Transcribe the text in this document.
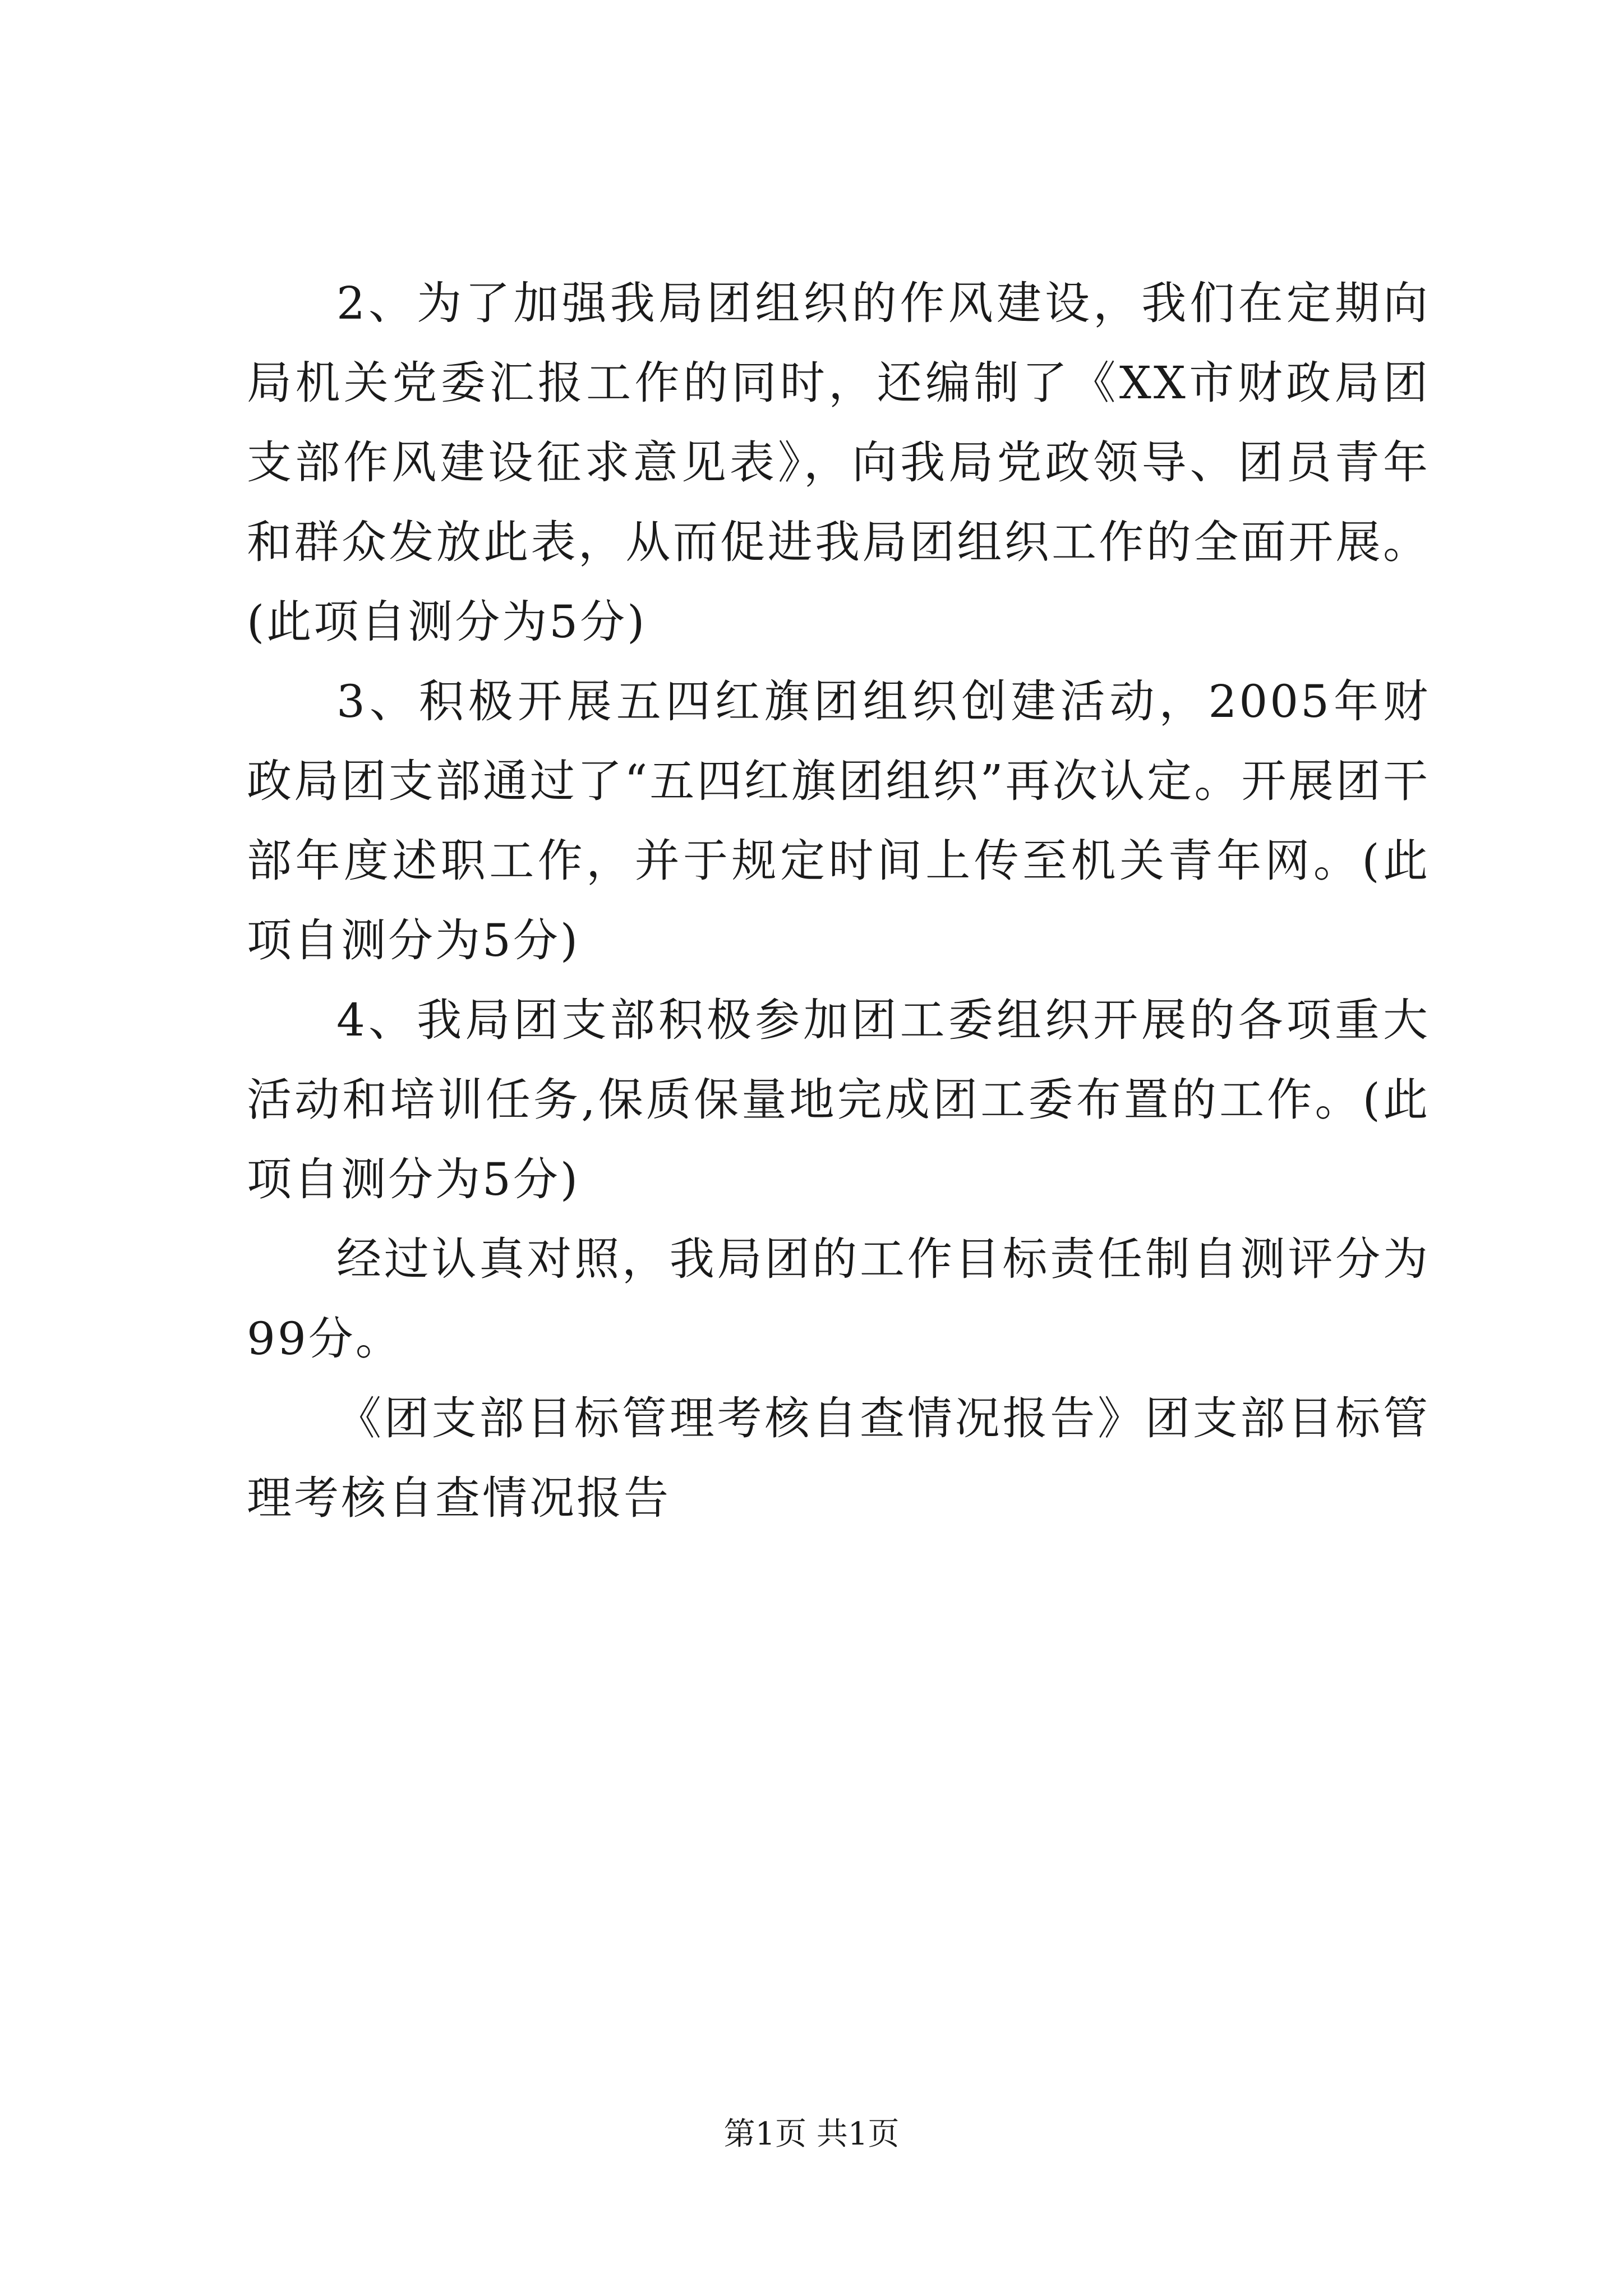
2、为了加强我局团组织的作风建设，我们在定期向局机关党委汇报工作的同时，还编制了《XX市财政局团支部作风建设征求意见表》，向我局党政领导、团员青年和群众发放此表，从而促进我局团组织工作的全面开展。(此项自测分为5分)

3、积极开展五四红旗团组织创建活动，2005年财政局团支部通过了“五四红旗团组织”再次认定。开展团干部年度述职工作，并于规定时间上传至机关青年网。(此项自测分为5分)

4、我局团支部积极参加团工委组织开展的各项重大活动和培训任务,保质保量地完成团工委布置的工作。(此项自测分为5分)

经过认真对照，我局团的工作目标责任制自测评分为99分。

《团支部目标管理考核自查情况报告》团支部目标管理考核自查情况报告

第1页 共1页
